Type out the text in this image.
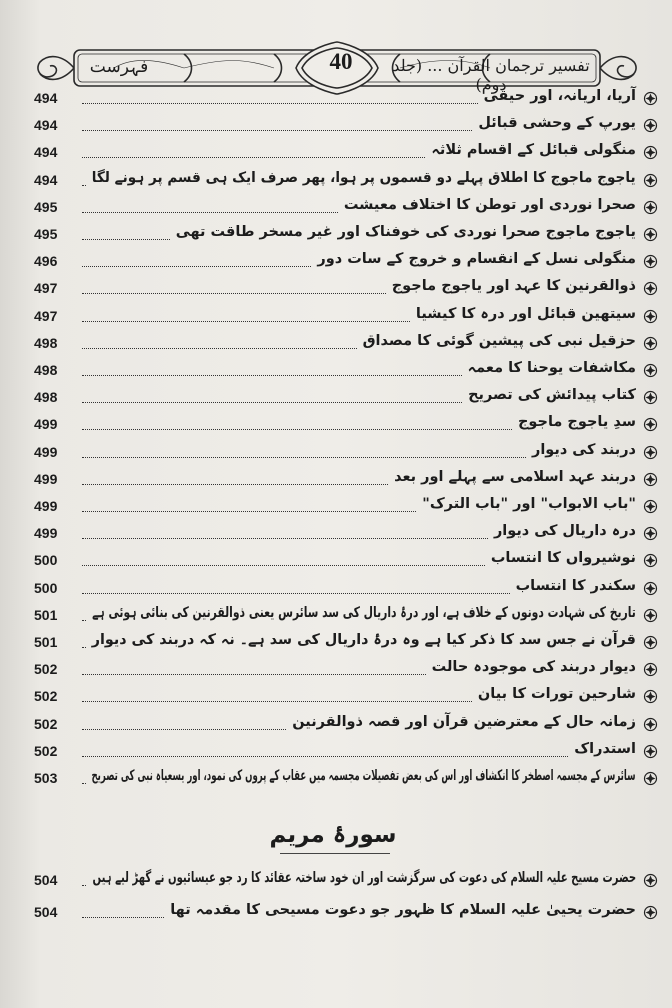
فہرست	40	تفسیر ترجمان القرآن ... (جلد دوم)
494	آریا، اریانہ، اور حیقی
494	یورپ کے وحشی قبائل
494	منگولی قبائل کے اقسام ثلاثہ
494	یاجوج ماجوج کا اطلاق پہلے دو قسموں پر ہوا، پھر صرف ایک ہی قسم پر ہونے لگا
495	صحرا نوردی اور توطن کا اختلاف معیشت
495	یاجوج ماجوج صحرا نوردی کی خوفناک اور غیر مسخر طاقت تھی
496	منگولی نسل کے انقسام و خروج کے سات دور
497	ذوالقرنین کا عہد اور یاجوج ماجوج
497	سیتھین قبائل اور درہ کا کیشیا
498	حزقیل نبی کی پیشین گوئی کا مصداق
498	مکاشفات یوحنا کا معمہ
498	کتاب پیدائش کی تصریح
499	سدِ یاجوج ماجوج
499	دربند کی دیوار
499	دربند عہد اسلامی سے پہلے اور بعد
499	"باب الابواب" اور "باب الترک"
499	درہ داریال کی دیوار
500	نوشیرواں کا انتساب
500	سکندر کا انتساب
501	تاریخ کی شہادت دونوں کے خلاف ہے، اور درۂ داریال کی سد سائرس یعنی ذوالقرنین کی بنائی ہوئی ہے
501	قرآن نے جس سد کا ذکر کیا ہے وہ درۂ داریال کی سد ہے۔ نہ کہ دربند کی دیوار
502	دیوار دربند کی موجودہ حالت
502	شارحین تورات کا بیان
502	زمانہ حال کے معترضین قرآن اور قصہ ذوالقرنین
502	استدراک
503	سائرس کے مجسمہ اصطخر کا انکشاف اور اس کی بعض تفصیلات مجسمہ میں عقاب کے پروں کی نمود، اور یسعیاہ نبی کی تصریح
سورۂ مریم
504	حضرت مسیح علیہ السلام کی دعوت کی سرگزشت اور ان خود ساختہ عقائد کا رد جو عیسائیوں نے گھڑ لیے ہیں
504	حضرت یحییٰ علیہ السلام کا ظہور جو دعوت مسیحی کا مقدمہ تھا
